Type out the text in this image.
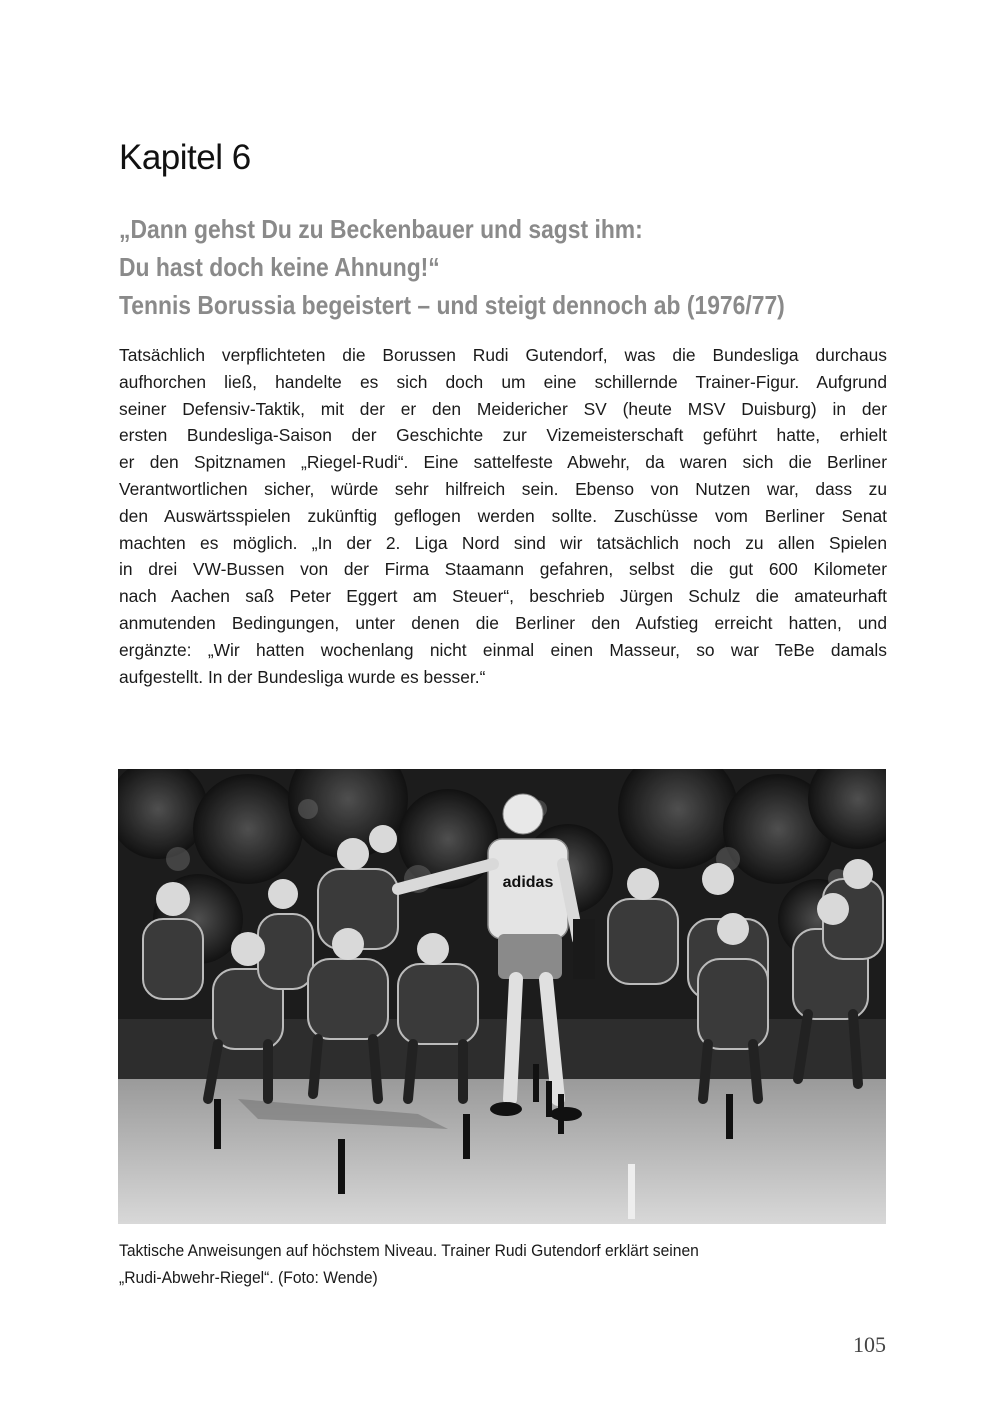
Kapitel 6
„Dann gehst Du zu Beckenbauer und sagst ihm:
Du hast doch keine Ahnung!“
Tennis Borussia begeistert – und steigt dennoch ab (1976/77)
Tatsächlich verpflichteten die Borussen Rudi Gutendorf, was die Bundesliga durchaus
aufhorchen ließ, handelte es sich doch um eine schillernde Trainer-Figur. Aufgrund
seiner Defensiv-Taktik, mit der er den Meidericher SV (heute MSV Duisburg) in der
ersten Bundesliga-Saison der Geschichte zur Vizemeisterschaft geführt hatte, erhielt
er den Spitznamen „Riegel-Rudi“. Eine sattelfeste Abwehr, da waren sich die Berliner
Verantwortlichen sicher, würde sehr hilfreich sein. Ebenso von Nutzen war, dass zu
den Auswärtsspielen zukünftig geflogen werden sollte. Zuschüsse vom Berliner Senat
machten es möglich. „In der 2. Liga Nord sind wir tatsächlich noch zu allen Spielen
in drei VW-Bussen von der Firma Staamann gefahren, selbst die gut 600 Kilometer
nach Aachen saß Peter Eggert am Steuer“, beschrieb Jürgen Schulz die amateurhaft
anmutenden Bedingungen, unter denen die Berliner den Aufstieg erreicht hatten, und
ergänzte: „Wir hatten wochenlang nicht einmal einen Masseur, so war TeBe damals
aufgestellt. In der Bundesliga wurde es besser.“
adidas
Taktische Anweisungen auf höchstem Niveau. Trainer Rudi Gutendorf erklärt seinen
„Rudi-Abwehr-Riegel“. (Foto: Wende)
105
